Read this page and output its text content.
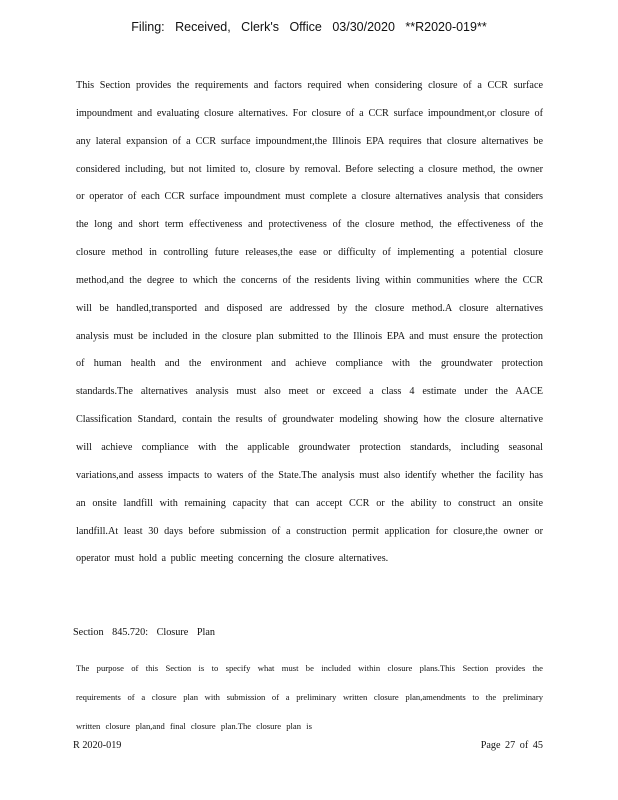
Filing: Received, Clerk's Office 03/30/2020 **R2020-019**

This Section provides the requirements and factors required when considering closure of a CCR surface impoundment and evaluating closure alternatives. For closure of a CCR surface impoundment,or closure of any lateral expansion of a CCR surface impoundment,the Illinois EPA requires that closure alternatives be considered including, but not limited to, closure by removal. Before selecting a closure method, the owner or operator of each CCR surface impoundment must complete a closure alternatives analysis that considers the long and short term effectiveness and protectiveness of the closure method, the effectiveness of the closure method in controlling future releases,the ease or difficulty of implementing a potential closure method,and the degree to which the concerns of the residents living within communities where the CCR will be handled,transported and disposed are addressed by the closure method.A closure alternatives analysis must be included in the closure plan submitted to the Illinois EPA and must ensure the protection of human health and the environment and achieve compliance with the groundwater protection standards.The alternatives analysis must also meet or exceed a class 4 estimate under the AACE Classification Standard, contain the results of groundwater modeling showing how the closure alternative will achieve compliance with the applicable groundwater protection standards, including seasonal variations,and assess impacts to waters of the State.The analysis must also identify whether the facility has an onsite landfill with remaining capacity that can accept CCR or the ability to construct an onsite landfill.At least 30 days before submission of a construction permit application for closure,the owner or operator must hold a public meeting concerning the closure alternatives.

Section 845.720: Closure Plan

The purpose of this Section is to specify what must be included within closure plans.This Section provides the requirements of a closure plan with submission of a preliminary written closure plan,amendments to the preliminary written closure plan,and final closure plan.The closure plan is

R 2020-019	Page 27 of 45
